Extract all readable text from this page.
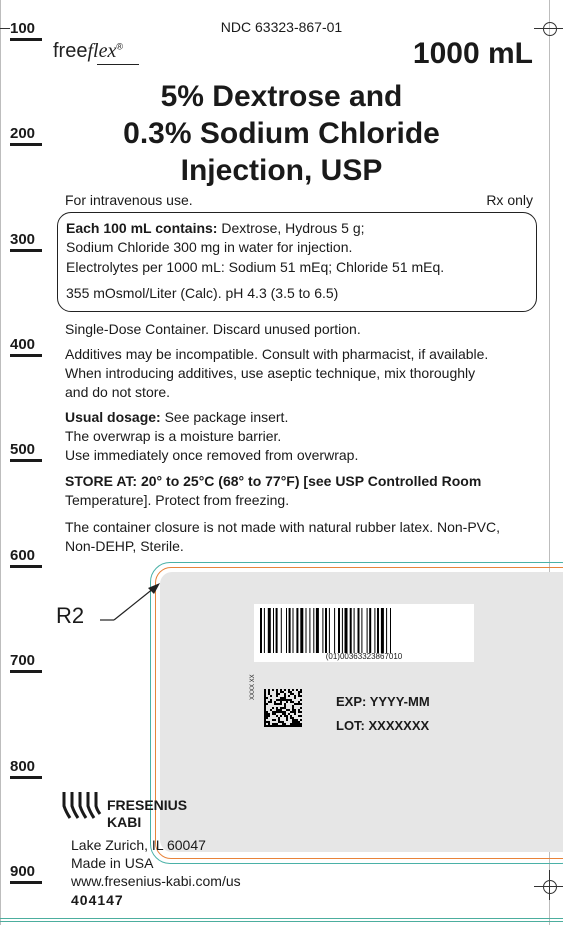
100
200
300
400
500
600
700
800
900
NDC 63323-867-01
freeflex®	1000 mL
5% Dextrose and
0.3% Sodium Chloride
Injection, USP
For intravenous use.	Rx only
Each 100 mL contains: Dextrose, Hydrous 5 g;
Sodium Chloride 300 mg in water for injection.
Electrolytes per 1000 mL: Sodium 51 mEq; Chloride 51 mEq.
355 mOsmol/Liter (Calc). pH 4.3 (3.5 to 6.5)
Single-Dose Container. Discard unused portion.
Additives may be incompatible. Consult with pharmacist, if available.
When introducing additives, use aseptic technique, mix thoroughly
and do not store.
Usual dosage: See package insert.
The overwrap is a moisture barrier.
Use immediately once removed from overwrap.
STORE AT: 20° to 25°C (68° to 77°F) [see USP Controlled Room
Temperature]. Protect from freezing.
The container closure is not made with natural rubber latex. Non-PVC,
Non-DEHP, Sterile.
R2
(01)00363323867010
XXXX XX
EXP: YYYY-MM
LOT: XXXXXXX
FRESENIUS
KABI
Lake Zurich, IL 60047
Made in USA
www.fresenius-kabi.com/us
404147
